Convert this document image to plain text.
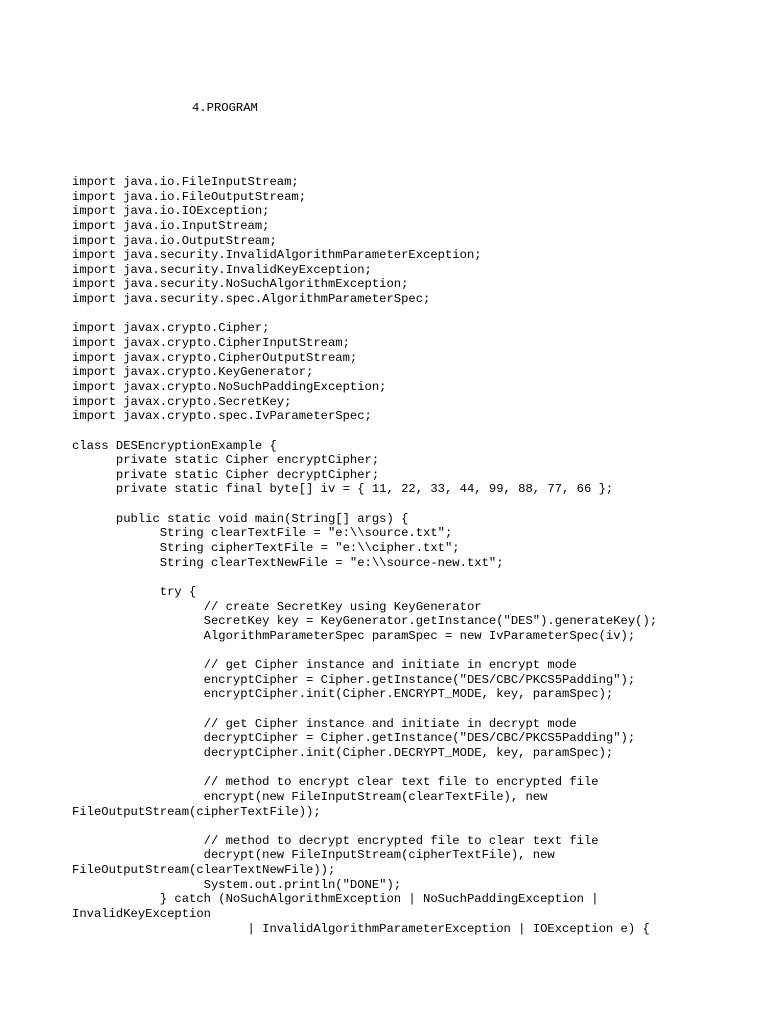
4.PROGRAM
import java.io.FileInputStream;
import java.io.FileOutputStream;
import java.io.IOException;
import java.io.InputStream;
import java.io.OutputStream;
import java.security.InvalidAlgorithmParameterException;
import java.security.InvalidKeyException;
import java.security.NoSuchAlgorithmException;
import java.security.spec.AlgorithmParameterSpec;
import javax.crypto.Cipher;
import javax.crypto.CipherInputStream;
import javax.crypto.CipherOutputStream;
import javax.crypto.KeyGenerator;
import javax.crypto.NoSuchPaddingException;
import javax.crypto.SecretKey;
import javax.crypto.spec.IvParameterSpec;
class DESEncryptionExample {
private static Cipher encryptCipher;
private static Cipher decryptCipher;
private static final byte[] iv = { 11, 22, 33, 44, 99, 88, 77, 66 };
public static void main(String[] args) {
String clearTextFile = "e:\\source.txt";
String cipherTextFile = "e:\\cipher.txt";
String clearTextNewFile = "e:\\source-new.txt";
try {
// create SecretKey using KeyGenerator
SecretKey key = KeyGenerator.getInstance("DES").generateKey();
AlgorithmParameterSpec paramSpec = new IvParameterSpec(iv);
// get Cipher instance and initiate in encrypt mode
encryptCipher = Cipher.getInstance("DES/CBC/PKCS5Padding");
encryptCipher.init(Cipher.ENCRYPT_MODE, key, paramSpec);
// get Cipher instance and initiate in decrypt mode
decryptCipher = Cipher.getInstance("DES/CBC/PKCS5Padding");
decryptCipher.init(Cipher.DECRYPT_MODE, key, paramSpec);
// method to encrypt clear text file to encrypted file
encrypt(new FileInputStream(clearTextFile), new
FileOutputStream(cipherTextFile));
// method to decrypt encrypted file to clear text file
decrypt(new FileInputStream(cipherTextFile), new
FileOutputStream(clearTextNewFile));
System.out.println("DONE");
} catch (NoSuchAlgorithmException | NoSuchPaddingException |
InvalidKeyException
| InvalidAlgorithmParameterException | IOException e) {
